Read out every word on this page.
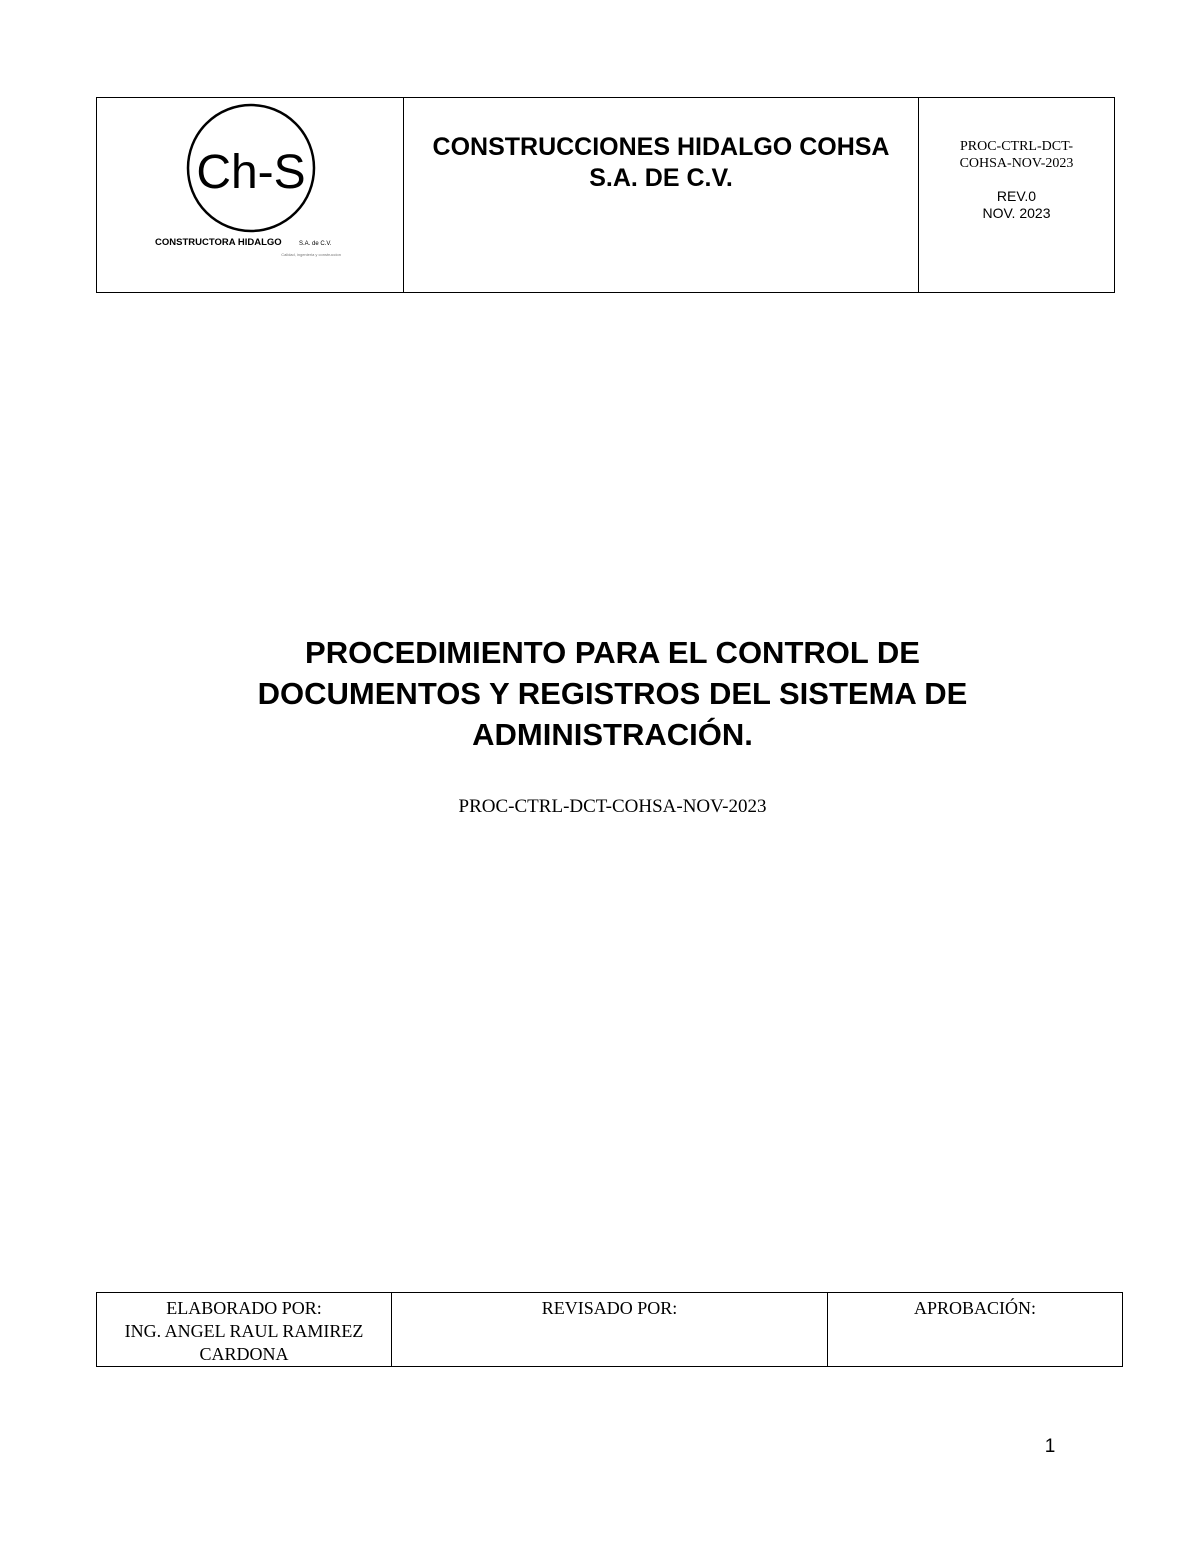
Ch-S
CONSTRUCTORA HIDALGO	S.A. de C.V.
Calidad, ingenieria y construccion

CONSTRUCCIONES HIDALGO COHSA
S.A. DE C.V.

PROC-CTRL-DCT-
COHSA-NOV-2023
REV.0
NOV. 2023
PROCEDIMIENTO PARA EL CONTROL DE
DOCUMENTOS Y REGISTROS DEL SISTEMA DE
ADMINISTRACIÓN.
PROC-CTRL-DCT-COHSA-NOV-2023
ELABORADO POR:
ING. ANGEL RAUL RAMIREZ
CARDONA

REVISADO POR:	APROBACIÓN:
1
